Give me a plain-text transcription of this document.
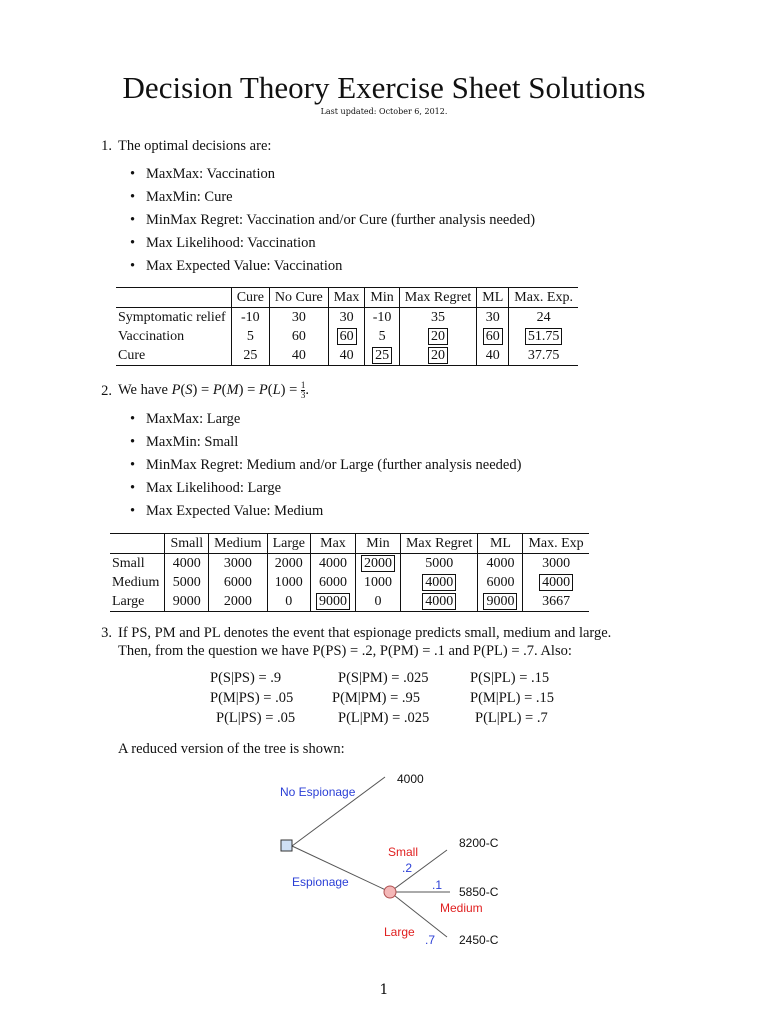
Decision Theory Exercise Sheet Solutions
Last updated: October 6, 2012.
1. The optimal decisions are:
• MaxMax: Vaccination
• MaxMin: Cure
• MinMax Regret: Vaccination and/or Cure (further analysis needed)
• Max Likelihood: Vaccination
• Max Expected Value: Vaccination
	Cure	No Cure	Max	Min	Max Regret	ML	Max. Exp.
Symptomatic relief	-10	30	30	-10	35	30	24
Vaccination	5	60	60	5	20	60	51.75
Cure	25	40	40	25	20	40	37.75
2. We have $P(S) = P(M) = P(L) = \frac{1}{3}$ .
• MaxMax: Large
• MaxMin: Small
• MinMax Regret: Medium and/or Large (further analysis needed)
• Max Likelihood: Large
• Max Expected Value: Medium
	Small	Medium	Large	Max	Min	Max Regret	ML	Max. Exp
Small	4000	3000	2000	4000	2000	5000	4000	3000
Medium	5000	6000	1000	6000	1000	4000	6000	4000
Large	9000	2000	0	9000	0	4000	9000	3667
3. If PS, PM and PL denotes the event that espionage predicts small, medium and large.
Then, from the question we have P(PS) = .2, P(PM) = .1 and P(PL) = .7. Also:
P(S|PS) = .9	P(S|PM) = .025	P(S|PL) = .15
P(M|PS) = .05	P(M|PM) = .95	P(M|PL) = .15
P(L|PS) = .05	P(L|PM) = .025	P(L|PL) = .7
A reduced version of the tree is shown:
No Espionage
4000
Espionage
Small
.2
8200-C
.1 5850-C
Medium
Large
.7 2450-C
1
